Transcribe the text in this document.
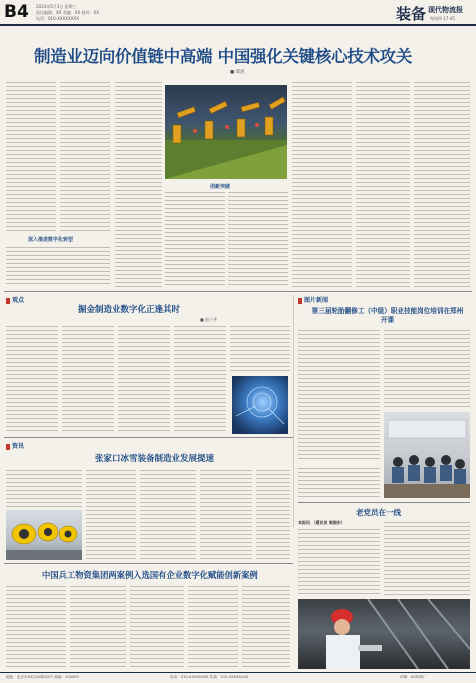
B4 2023年5月3日 星期三
责任编辑：XX 美编：XX 校对：XX
电话：010-XXXXXXXX	装备 现代物流报
每周四 17-45
制造业迈向价值链中高端 中国强化关键核心技术攻关
■ 葛思
深入推进数字化转型
创新突破
观点
掘金制造业数字化正逢其时
■ 赵子华
图片新闻
第三届轮胎翻修工（中级）职业技能岗位培训在郑州开课
资讯
张家口冰雪装备制造业发展提速
老党员在一线
本报讯 （通讯员 周振东）
中国兵工物资集团两案例入选国有企业数字化赋能创新案例
地址：北京市XX区XX路XX号 邮编：100000	电话：010-XXXXXXXX 传真：010-XXXXXXXX	印刷：XX印刷厂
